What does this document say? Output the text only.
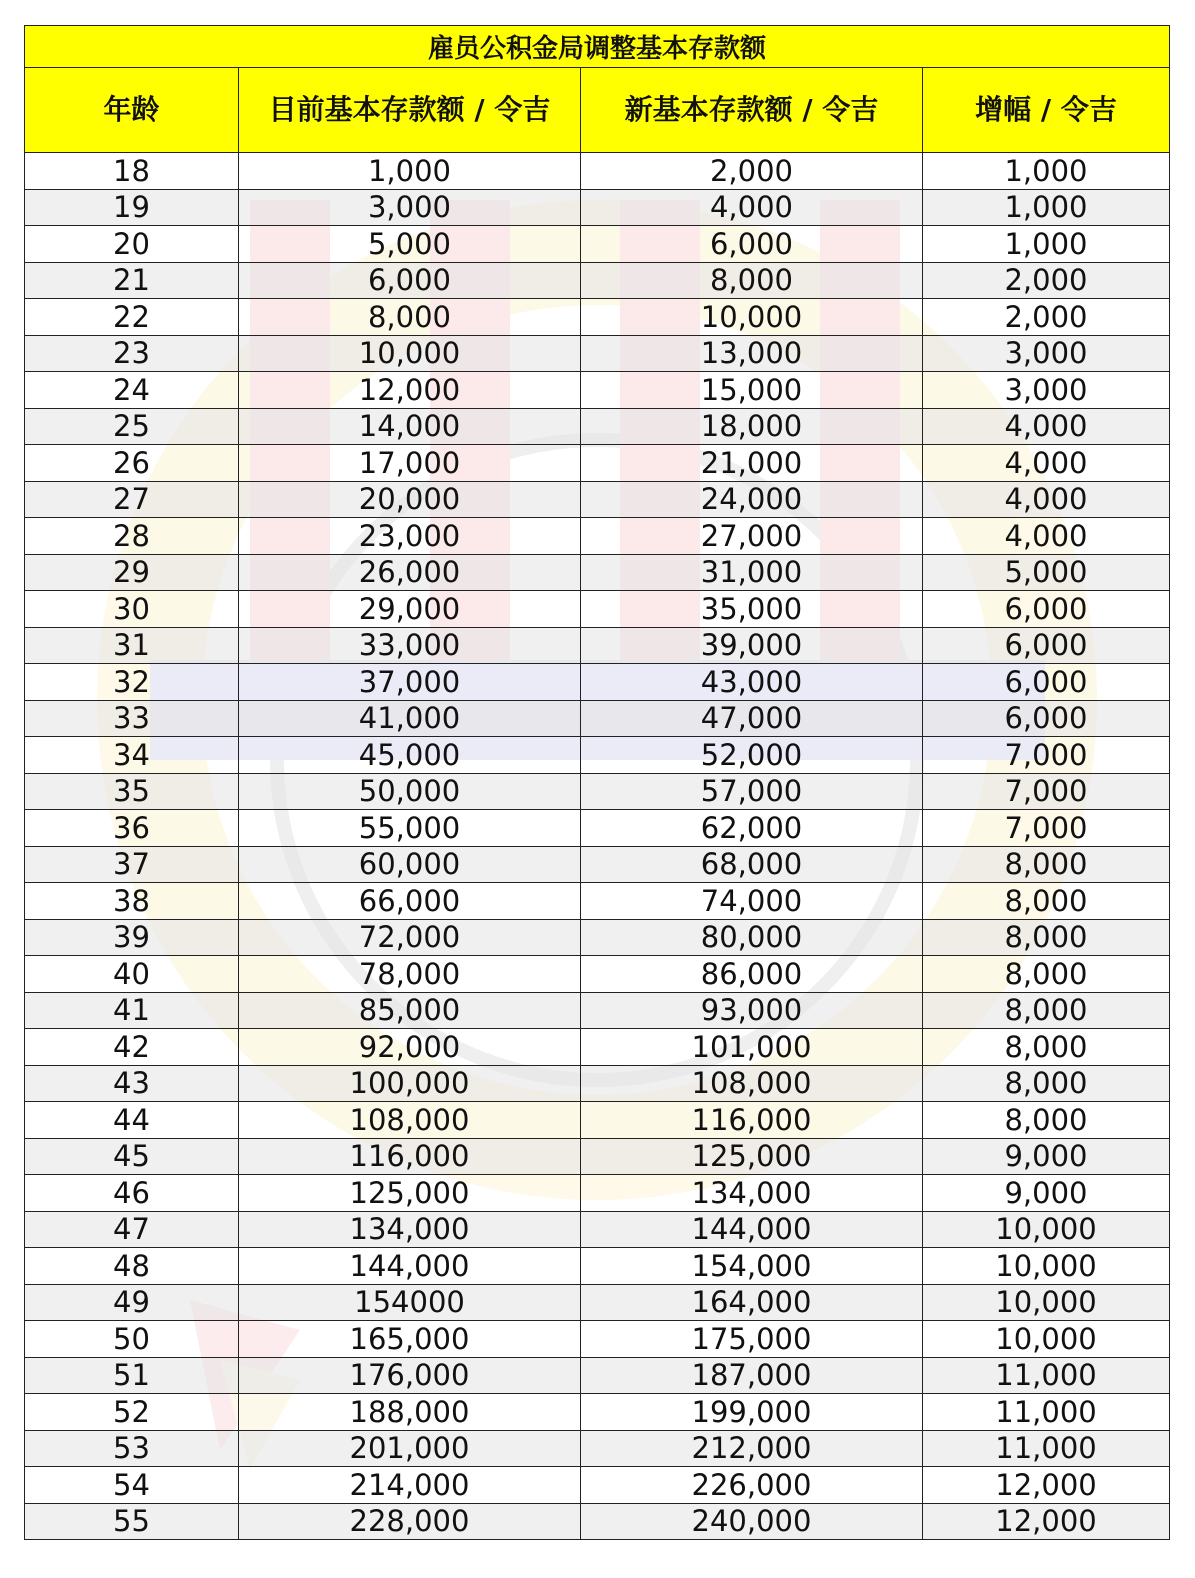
雇员公积金局调整基本存款额			
年龄	目前基本存款额 / 令吉	新基本存款额 / 令吉	增幅 / 令吉
18	1,000	2,000	1,000
19	3,000	4,000	1,000
20	5,000	6,000	1,000
21	6,000	8,000	2,000
22	8,000	10,000	2,000
23	10,000	13,000	3,000
24	12,000	15,000	3,000
25	14,000	18,000	4,000
26	17,000	21,000	4,000
27	20,000	24,000	4,000
28	23,000	27,000	4,000
29	26,000	31,000	5,000
30	29,000	35,000	6,000
31	33,000	39,000	6,000
32	37,000	43,000	6,000
33	41,000	47,000	6,000
34	45,000	52,000	7,000
35	50,000	57,000	7,000
36	55,000	62,000	7,000
37	60,000	68,000	8,000
38	66,000	74,000	8,000
39	72,000	80,000	8,000
40	78,000	86,000	8,000
41	85,000	93,000	8,000
42	92,000	101,000	8,000
43	100,000	108,000	8,000
44	108,000	116,000	8,000
45	116,000	125,000	9,000
46	125,000	134,000	9,000
47	134,000	144,000	10,000
48	144,000	154,000	10,000
49	154000	164,000	10,000
50	165,000	175,000	10,000
51	176,000	187,000	11,000
52	188,000	199,000	11,000
53	201,000	212,000	11,000
54	214,000	226,000	12,000
55	228,000	240,000	12,000
